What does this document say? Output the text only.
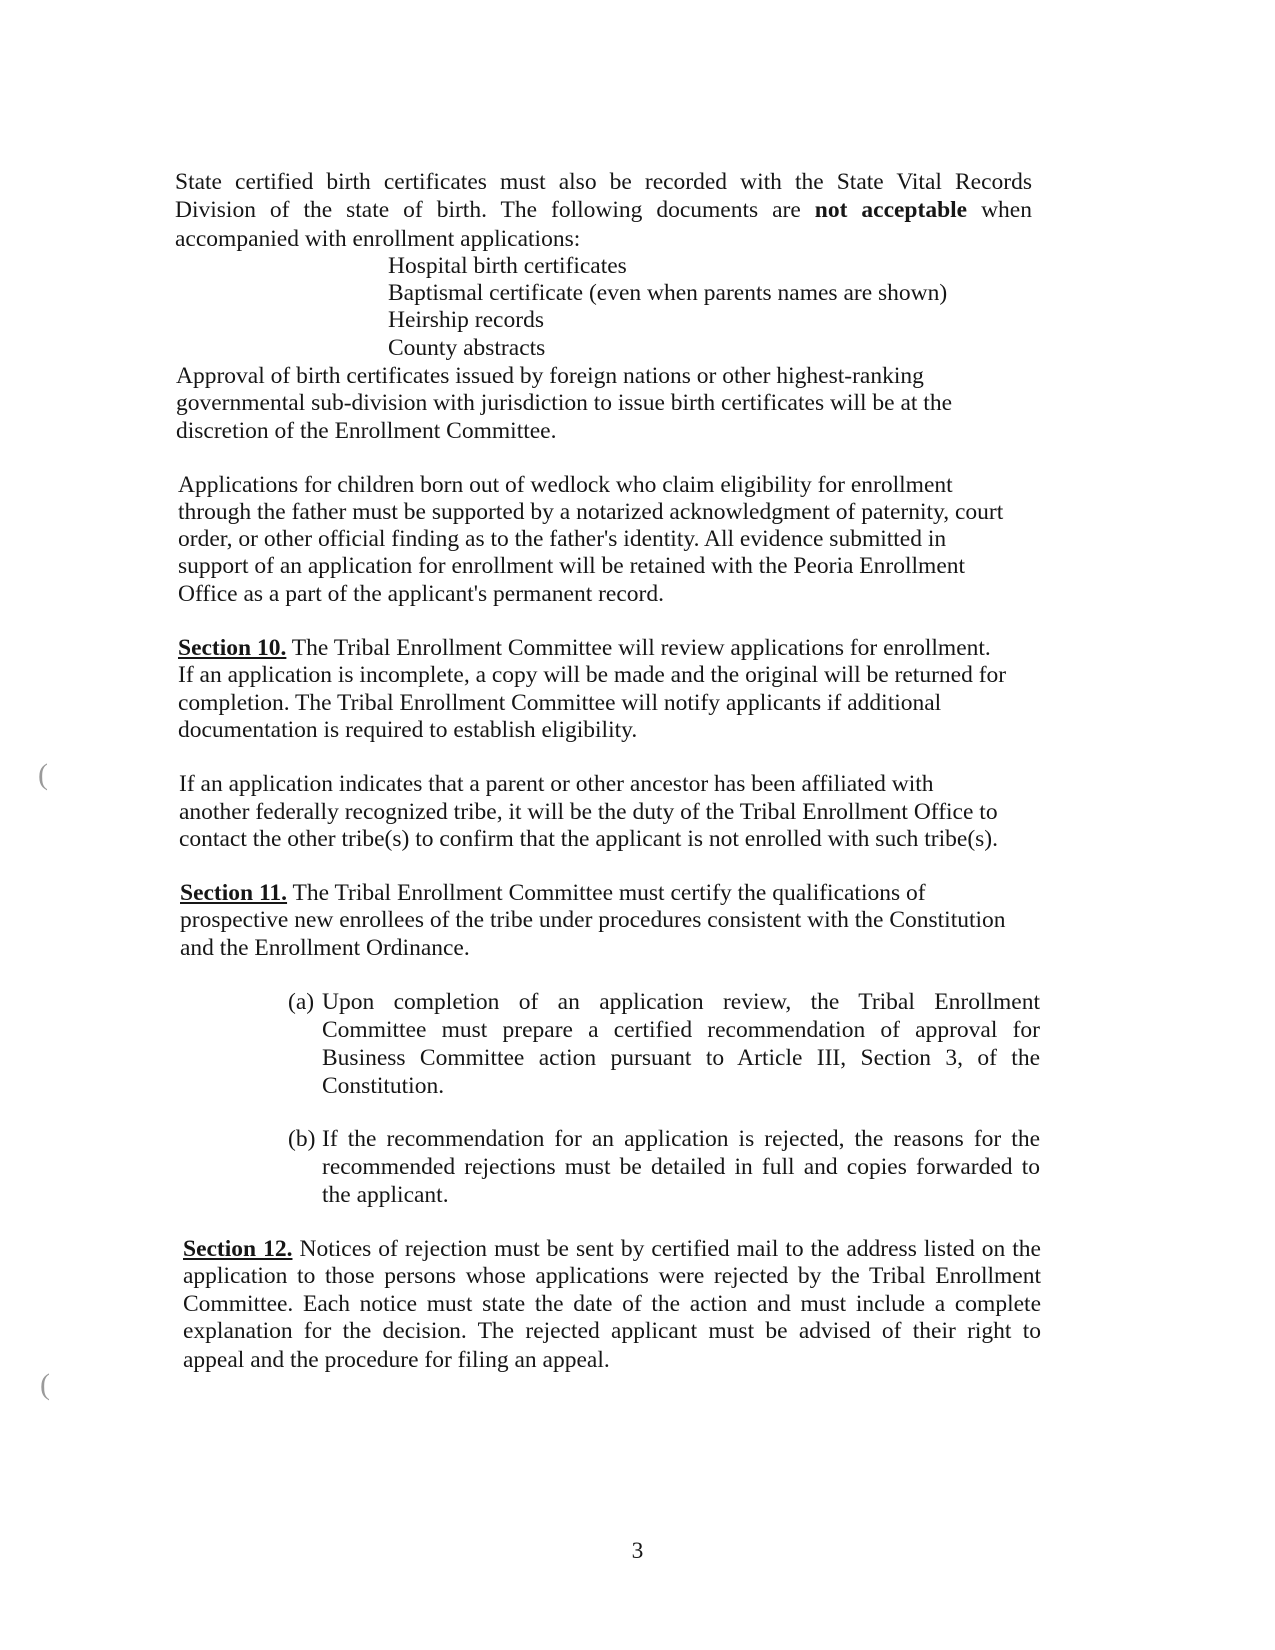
(
(
State certified birth certificates must also be recorded with the State Vital Records
Division of the state of birth. The following documents are not acceptable when
accompanied with enrollment applications:
Hospital birth certificates
Baptismal certificate (even when parents names are shown)
Heirship records
County abstracts
Approval of birth certificates issued by foreign nations or other highest-ranking
governmental sub-division with jurisdiction to issue birth certificates will be at the
discretion of the Enrollment Committee.
Applications for children born out of wedlock who claim eligibility for enrollment
through the father must be supported by a notarized acknowledgment of paternity, court
order, or other official finding as to the father's identity. All evidence submitted in
support of an application for enrollment will be retained with the Peoria Enrollment
Office as a part of the applicant's permanent record.
Section 10. The Tribal Enrollment Committee will review applications for enrollment.
If an application is incomplete, a copy will be made and the original will be returned for
completion. The Tribal Enrollment Committee will notify applicants if additional
documentation is required to establish eligibility.
If an application indicates that a parent or other ancestor has been affiliated with
another federally recognized tribe, it will be the duty of the Tribal Enrollment Office to
contact the other tribe(s) to confirm that the applicant is not enrolled with such tribe(s).
Section 11. The Tribal Enrollment Committee must certify the qualifications of
prospective new enrollees of the tribe under procedures consistent with the Constitution
and the Enrollment Ordinance.
(a) Upon completion of an application review, the Tribal Enrollment
Committee must prepare a certified recommendation of approval for
Business Committee action pursuant to Article III, Section 3, of the
Constitution.
(b) If the recommendation for an application is rejected, the reasons for the
recommended rejections must be detailed in full and copies forwarded to
the applicant.
Section 12. Notices of rejection must be sent by certified mail to the address listed on the
application to those persons whose applications were rejected by the Tribal Enrollment
Committee. Each notice must state the date of the action and must include a complete
explanation for the decision. The rejected applicant must be advised of their right to
appeal and the procedure for filing an appeal.
3
